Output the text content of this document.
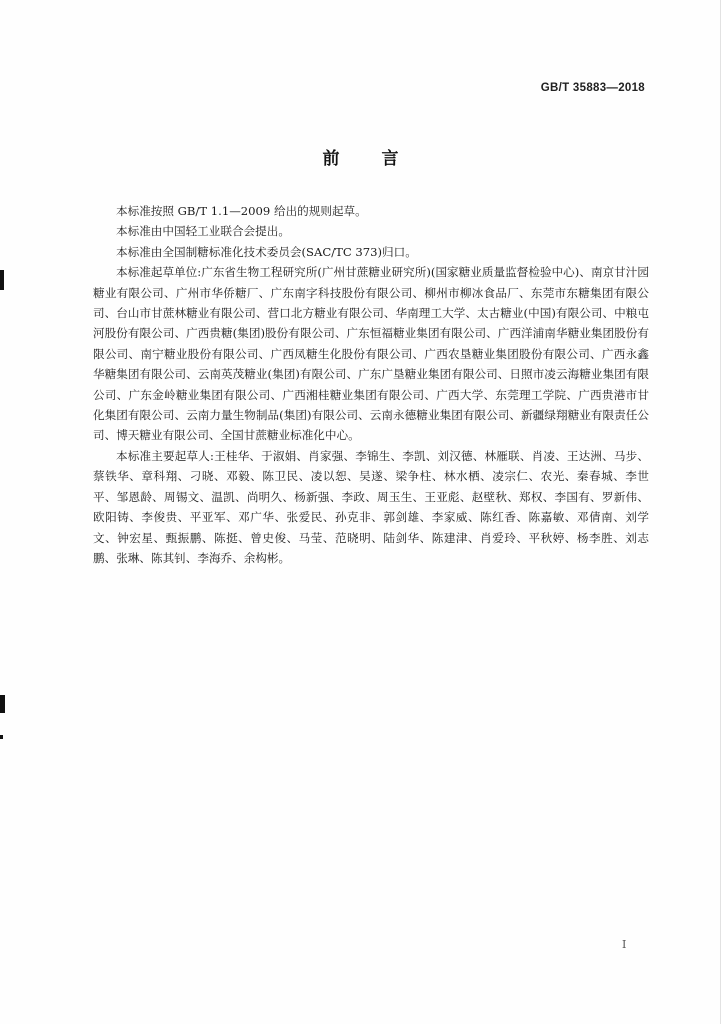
GB/T 35883—2018
前言

本标准按照 GB/T 1.1—2009 给出的规则起草。

本标准由中国轻工业联合会提出。

本标准由全国制糖标准化技术委员会(SAC/TC 373)归口。

本标准起草单位:广东省生物工程研究所(广州甘蔗糖业研究所)(国家糖业质量监督检验中心)、南京甘汁园糖业有限公司、广州市华侨糖厂、广东南字科技股份有限公司、柳州市柳冰食品厂、东莞市东糖集团有限公司、台山市甘蔗林糖业有限公司、营口北方糖业有限公司、华南理工大学、太古糖业(中国)有限公司、中粮屯河股份有限公司、广西贵糖(集团)股份有限公司、广东恒福糖业集团有限公司、广西洋浦南华糖业集团股份有限公司、南宁糖业股份有限公司、广西凤糖生化股份有限公司、广西农垦糖业集团股份有限公司、广西永鑫华糖集团有限公司、云南英茂糖业(集团)有限公司、广东广垦糖业集团有限公司、日照市凌云海糖业集团有限公司、广东金岭糖业集团有限公司、广西湘桂糖业集团有限公司、广西大学、东莞理工学院、广西贵港市甘化集团有限公司、云南力量生物制品(集团)有限公司、云南永德糖业集团有限公司、新疆绿翔糖业有限责任公司、博天糖业有限公司、全国甘蔗糖业标准化中心。

本标准主要起草人:王桂华、于淑娟、肖家强、李锦生、李凯、刘汉德、林雁联、肖凌、王达洲、马步、蔡铁华、章科翔、刁晓、邓毅、陈卫民、凌以恕、吴遂、梁争柱、林水栖、凌宗仁、农光、秦春城、李世平、邹恩龄、周锡文、温凯、尚明久、杨新强、李政、周玉生、王亚彪、赵壁秋、郑权、李国有、罗新伟、欧阳铸、李俊贵、平亚军、邓广华、张爱民、孙克非、郭剑雄、李家威、陈红香、陈嘉敏、邓倩南、刘学文、钟宏星、甄振鹏、陈挺、曾史俊、马莹、范晓明、陆剑华、陈建津、肖爱玲、平秋婷、杨李胜、刘志鹏、张琳、陈其钊、李海乔、余构彬。

I
